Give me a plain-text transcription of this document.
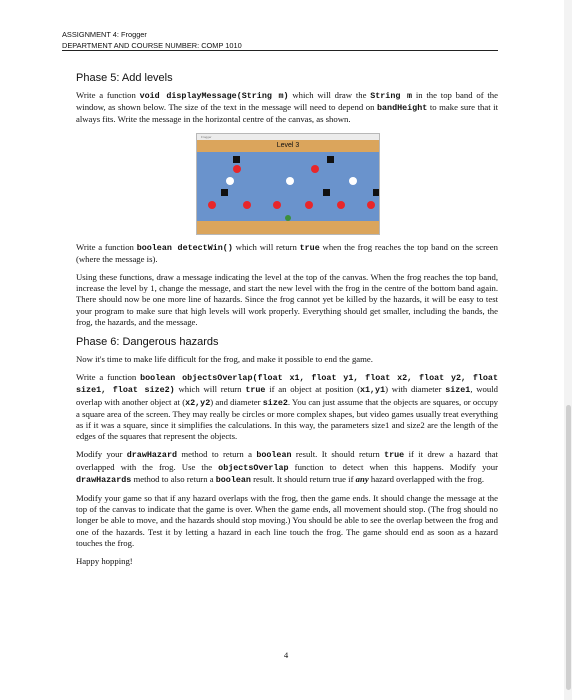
ASSIGNMENT 4: Frogger
DEPARTMENT AND COURSE NUMBER: COMP 1010
Phase 5: Add levels

Write a function void displayMessage(String m) which will draw the String m in the top band of the window, as shown below. The size of the text in the message will need to depend on bandHeight to make sure that it always fits. Write the message in the horizontal centre of the canvas, as shown.

Frogger
Level 3

Write a function boolean detectWin() which will return true when the frog reaches the top band on the screen (where the message is).

Using these functions, draw a message indicating the level at the top of the canvas. When the frog reaches the top band, increase the level by 1, change the message, and start the new level with the frog in the centre of the bottom band again. There should now be one more line of hazards. Since the frog cannot yet be killed by the hazards, it will be easy to test your program to make sure that high levels will work properly. Everything should get smaller, including the bands, the frog, the hazards, and the message.

Phase 6: Dangerous hazards

Now it's time to make life difficult for the frog, and make it possible to end the game.

Write a function boolean objectsOverlap(float x1, float y1, float x2, float y2, float size1, float size2) which will return true if an object at position (x1,y1) with diameter size1, would overlap with another object at (x2,y2) and diameter size2. You can just assume that the objects are squares, or occupy a square area of the screen. They may really be circles or more complex shapes, but video games usually treat everything as if it was a square, since it simplifies the calculations. In this way, the parameters size1 and size2 are the length of the edges of the squares that represent the objects.

Modify your drawHazard method to return a boolean result. It should return true if it drew a hazard that overlapped with the frog. Use the objectsOverlap function to detect when this happens. Modify your drawHazards method to also return a boolean result. It should return true if any hazard overlapped with the frog.

Modify your game so that if any hazard overlaps with the frog, then the game ends. It should change the message at the top of the canvas to indicate that the game is over. When the game ends, all movement should stop. (The frog should no longer be able to move, and the hazards should stop moving.) You should be able to see the overlap between the frog and one of the hazards. Test it by letting a hazard in each line touch the frog. The game should end as soon as a hazard touches the frog.

Happy hopping!

4
